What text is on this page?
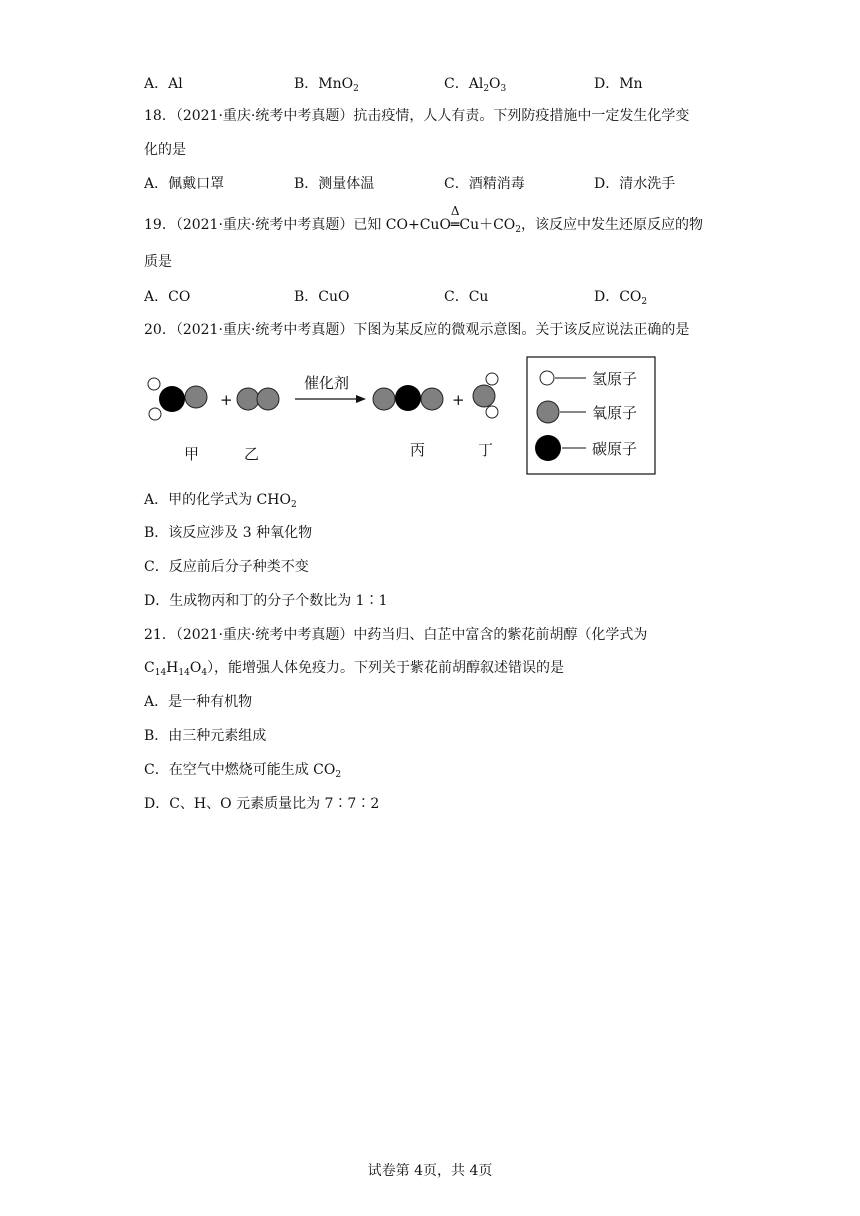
A．Al	B．MnO$_2$	C．$Al_2O_3$	D．Mn
18．（2021·重庆·统考中考真题）抗击疫情，人人有责。下列防疫措施中一定发生化学变
化的是
A．佩戴口罩	B．测量体温	C．酒精消毒	D．清水洗手
19．（2021·重庆·统考中考真题）已知 CO+CuO
Δ
$═Cu+CO_2$，该反应中发生还原反应的物
质是
A．CO	B．CuO	C．Cu	D．$CO_2$
20．（2021·重庆·统考中考真题）下图为某反应的微观示意图。关于该反应说法正确的是
+
催化剂
+
甲	乙	丙	丁
氢原子
氧原子
碳原子
A．甲的化学式为 $CHO_2$
B．该反应涉及 3 种氧化物
C．反应前后分子种类不变
D．生成物丙和丁的分子个数比为 1∶1
21．（2021·重庆·统考中考真题）中药当归、白芷中富含的紫花前胡醇（化学式为
$C_{14}H_{14}O_4$），能增强人体免疫力。下列关于紫花前胡醇叙述错误的是
A．是一种有机物
B．由三种元素组成
C．在空气中燃烧可能生成 $CO_2$
D．C、H、O 元素质量比为 7∶7∶2
试卷第 4页，共 4页
